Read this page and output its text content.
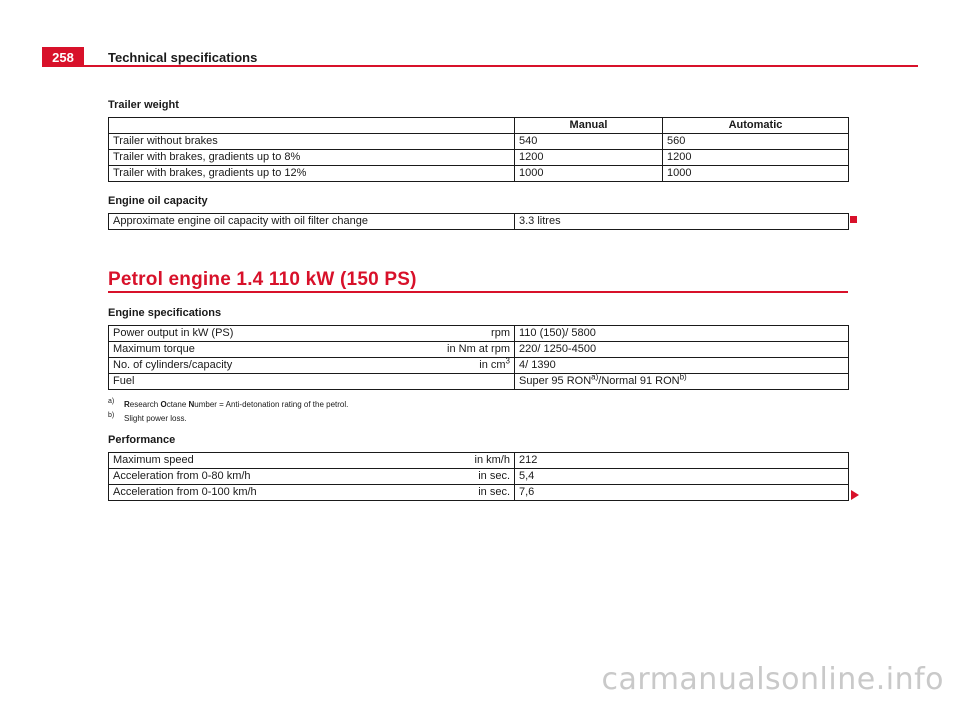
258	Technical specifications
Trailer weight
	Manual	Automatic
Trailer without brakes	540	560
Trailer with brakes, gradients up to 8%	1200	1200
Trailer with brakes, gradients up to 12%	1000	1000
Engine oil capacity
Approximate engine oil capacity with oil filter change	3.3 litres
Petrol engine 1.4 110 kW (150 PS)
Engine specifications
Power output in kW (PS) rpm	110 (150)/ 5800
Maximum torque in Nm at rpm	220/ 1250-4500
No. of cylinders/capacity in $cm^3$	4/ 1390
Fuel	Super 95 RON$^{a)}$/Normal 91 RON$^{b)}$
a) Research Octane Number = Anti-detonation rating of the petrol.
b) Slight power loss.
Performance
Maximum speed in km/h	212
Acceleration from 0-80 km/h in sec.	5,4
Acceleration from 0-100 km/h in sec.	7,6
carmanualsonline.info
